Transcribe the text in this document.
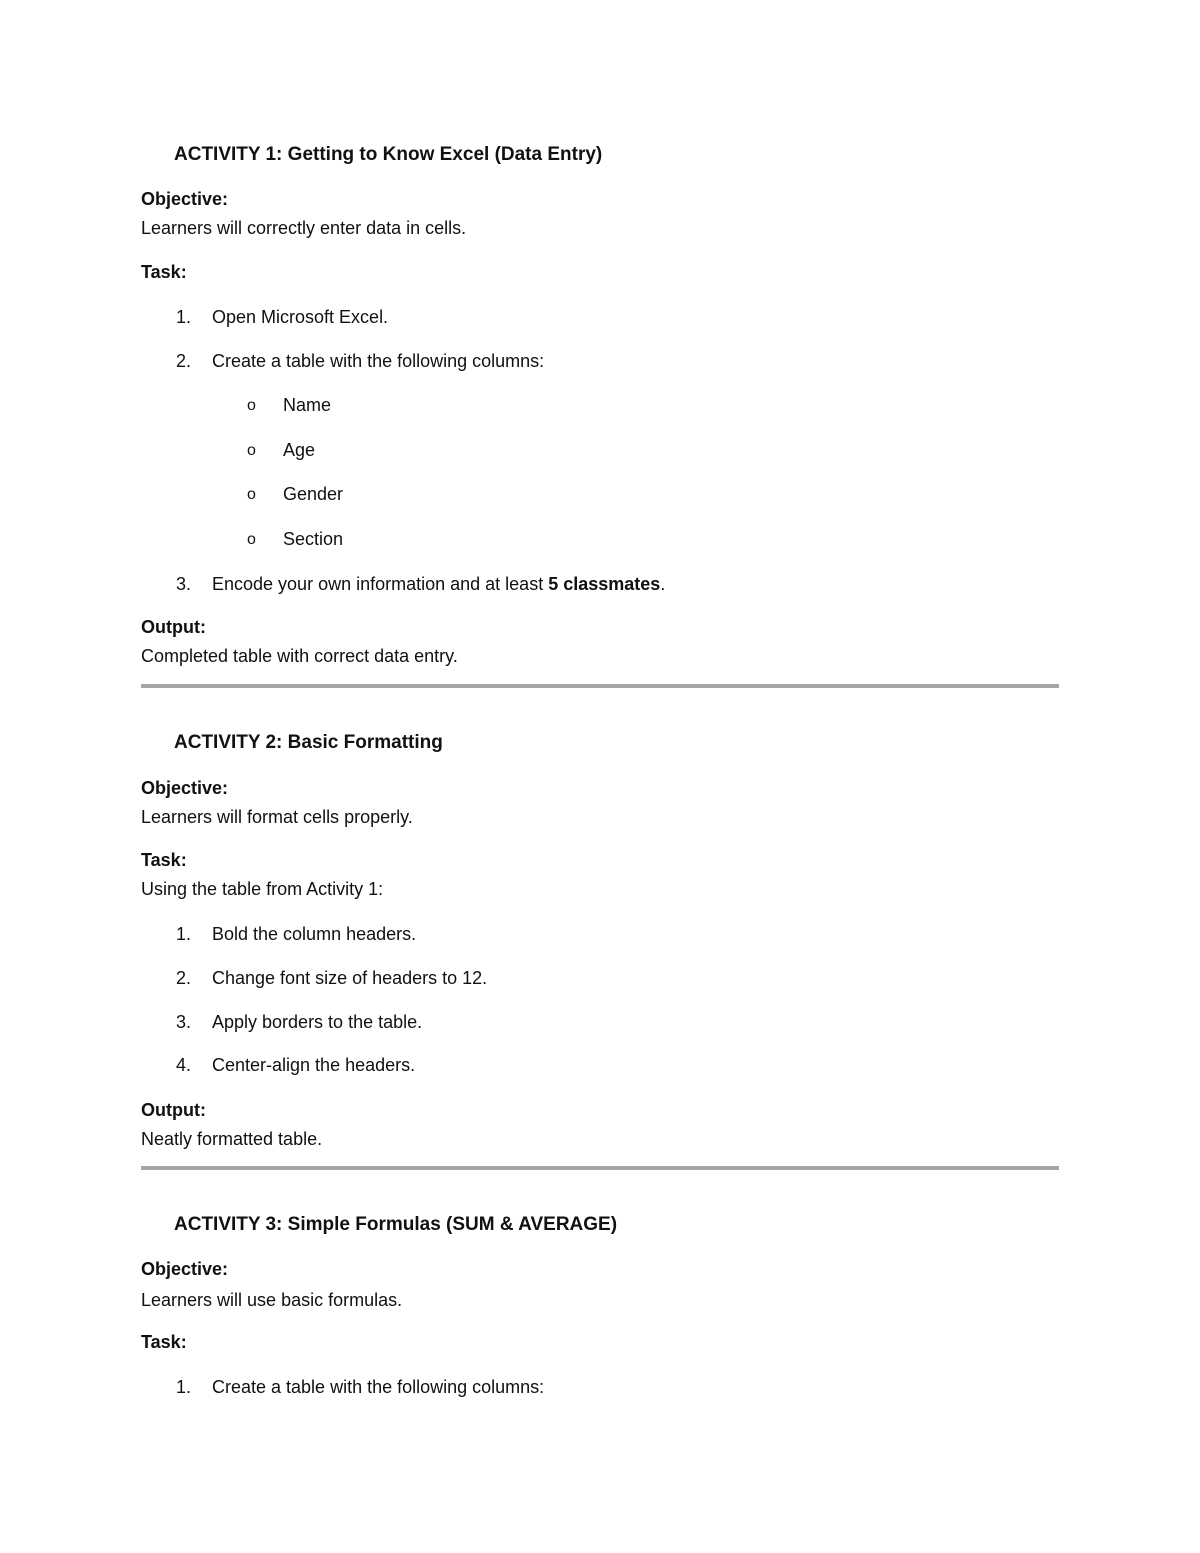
ACTIVITY 1: Getting to Know Excel (Data Entry)
Objective:
Learners will correctly enter data in cells.
Task:
1. Open Microsoft Excel.
2. Create a table with the following columns:
o Name
o Age
o Gender
o Section
3. Encode your own information and at least 5 classmates.
Output:
Completed table with correct data entry.
ACTIVITY 2: Basic Formatting
Objective:
Learners will format cells properly.
Task:
Using the table from Activity 1:
1. Bold the column headers.
2. Change font size of headers to 12.
3. Apply borders to the table.
4. Center-align the headers.
Output:
Neatly formatted table.
ACTIVITY 3: Simple Formulas (SUM & AVERAGE)
Objective:
Learners will use basic formulas.
Task:
1. Create a table with the following columns:
